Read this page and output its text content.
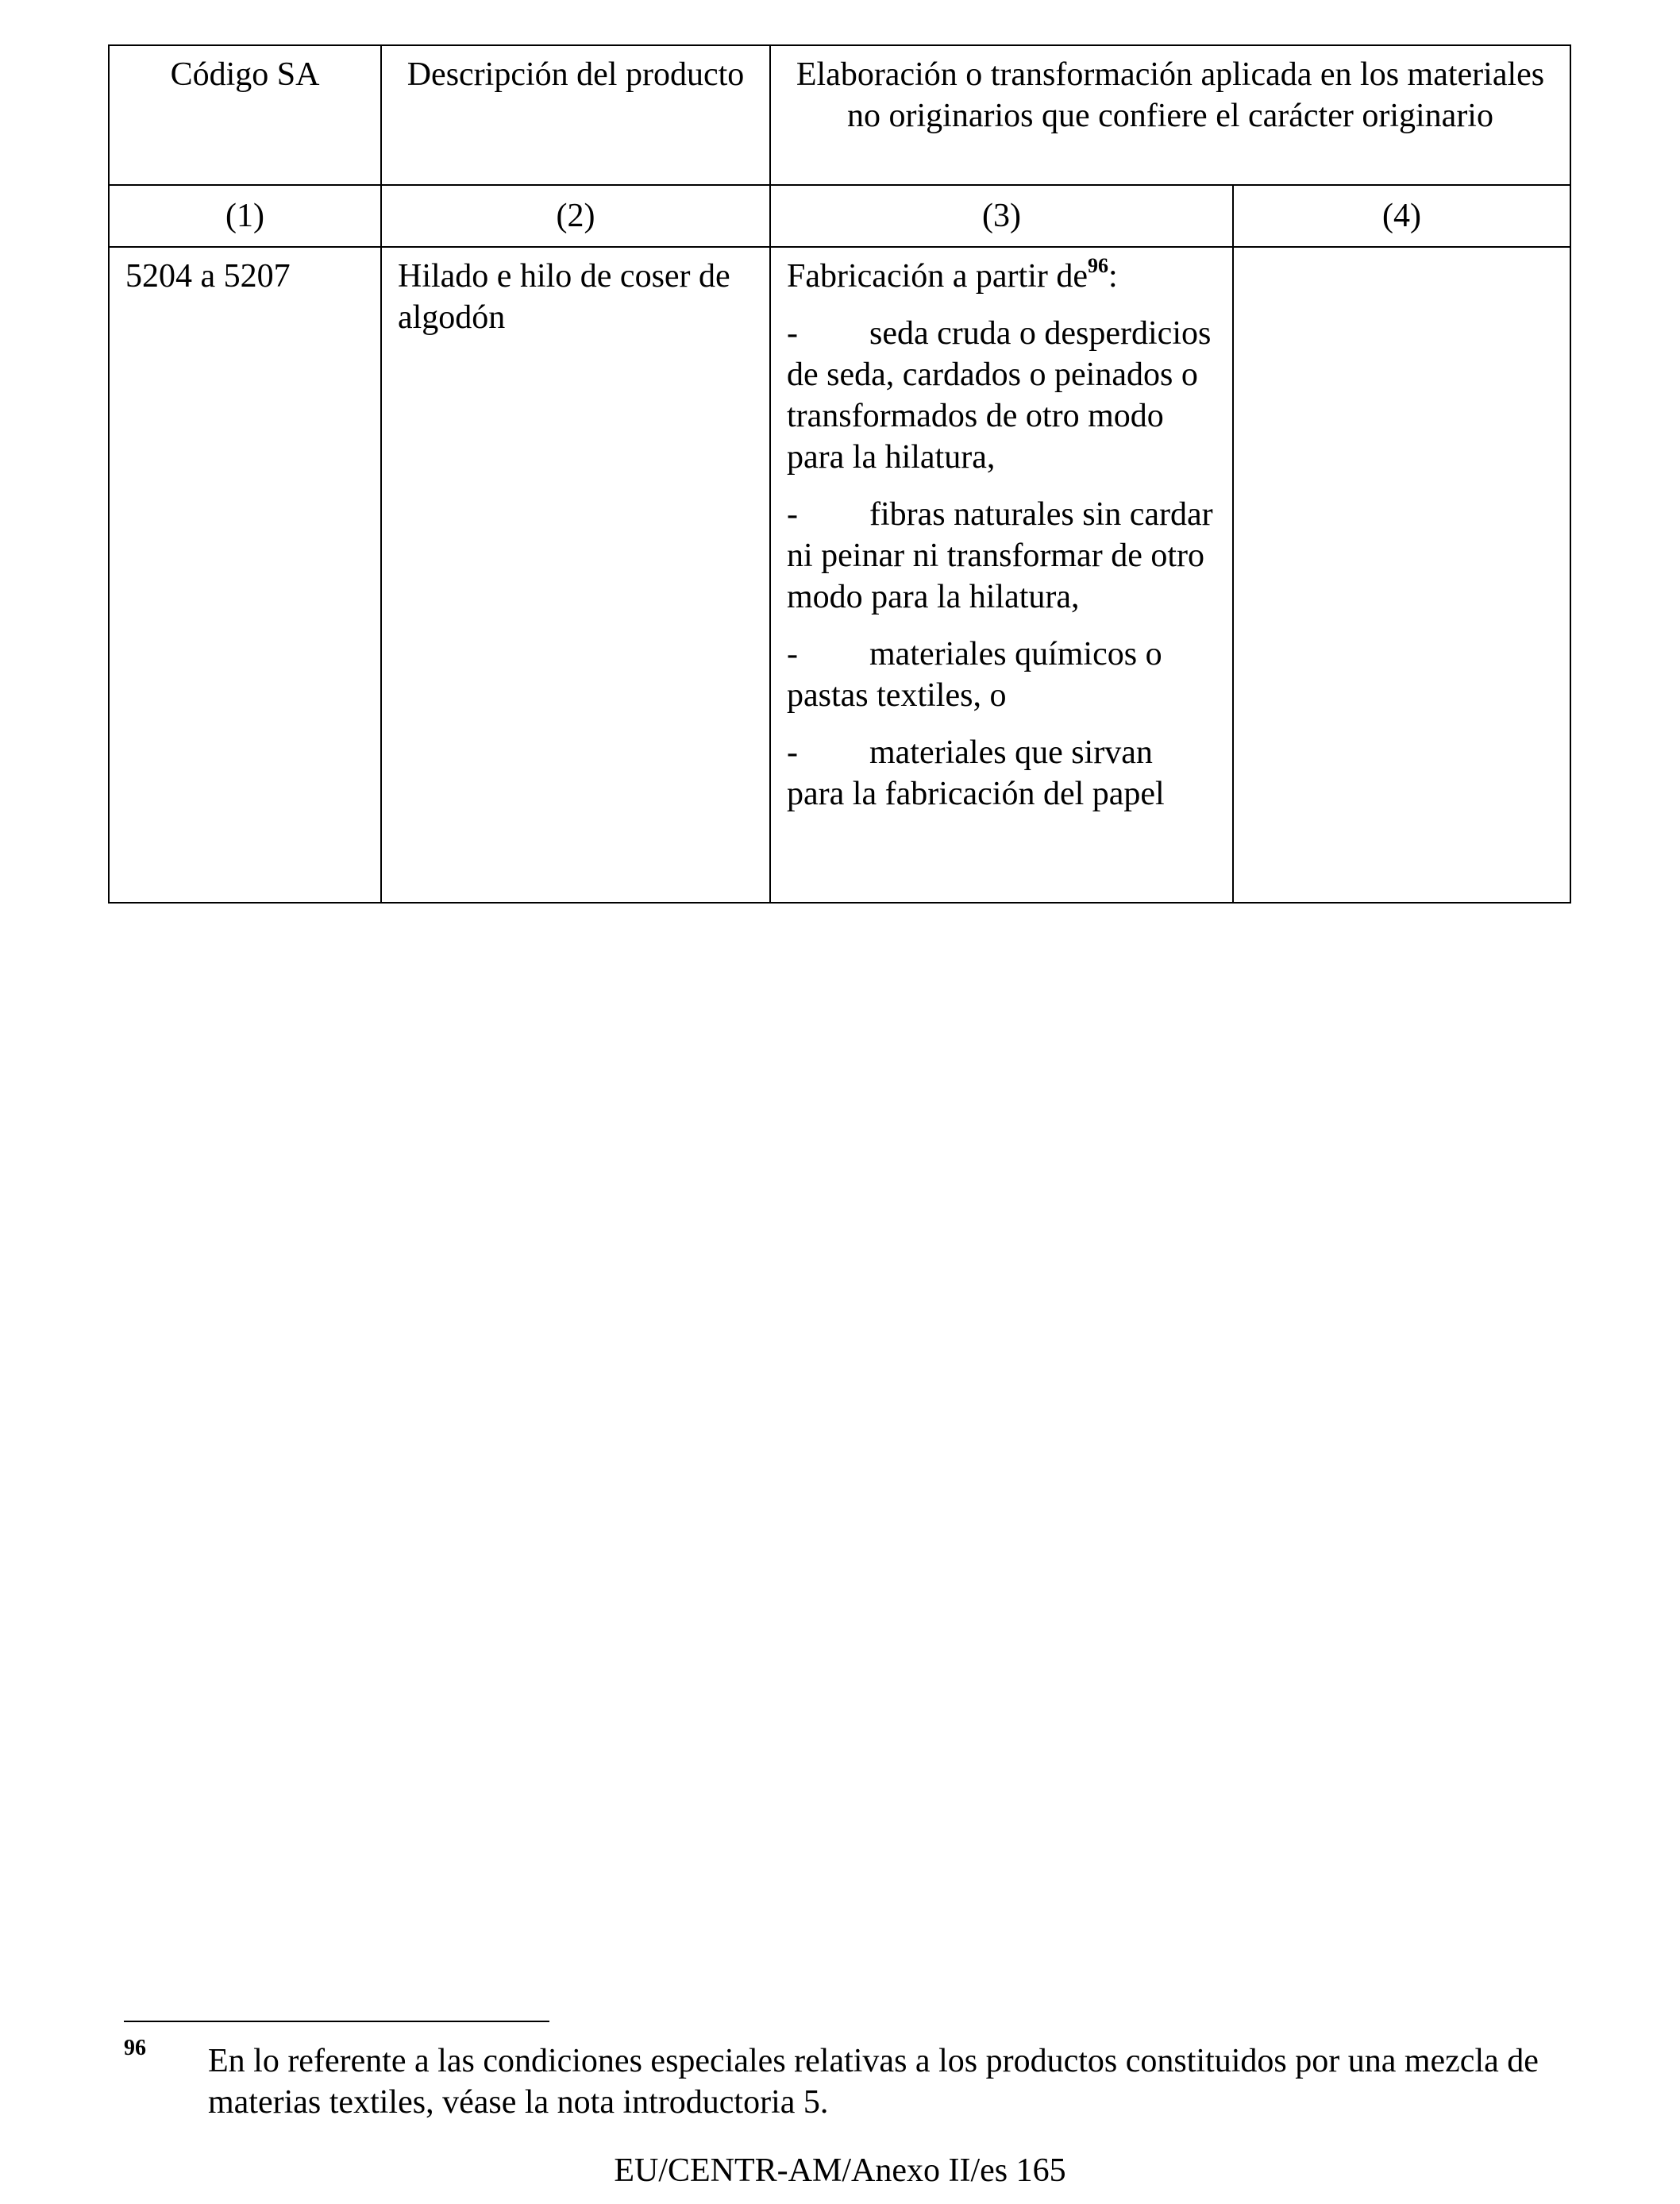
Código SA	Descripción del producto	Elaboración o transformación aplicada en los materiales no originarios que confiere el carácter originario	
(1)	(2)	(3)	(4)
5204 a 5207	Hilado e hilo de coser de algodón	Fabricación a partir de$^{96}$:
- seda cruda o desperdicios de seda, cardados o peinados o transformados de otro modo para la hilatura,
- fibras naturales sin cardar ni peinar ni transformar de otro modo para la hilatura,
- materiales químicos o pastas textiles, o
- materiales que sirvan para la fabricación del papel	

96 En lo referente a las condiciones especiales relativas a los productos constituidos por una mezcla de materias textiles, véase la nota introductoria 5.
EU/CENTR-AM/Anexo II/es 165
